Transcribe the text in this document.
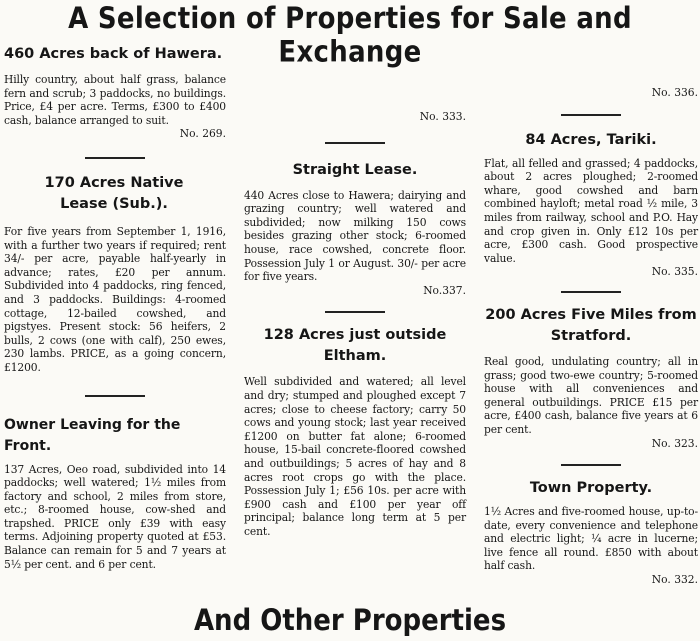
A Selection of Properties for Sale and Exchange
460 Acres back of Hawera.

Hilly country, about half grass, balance fern and scrub; 3 paddocks, no buildings. Price, £4 per acre. Terms, £300 to £400 cash, balance arranged to suit.

No. 269.

170 Acres Native Lease (Sub.).

For five years from September 1, 1916, with a further two years if required; rent 34/- per acre, payable half-yearly in advance; rates, £20 per annum. Subdivided into 4 paddocks, ring fenced, and 3 paddocks. Buildings: 4-roomed cottage, 12-bailed cowshed, and pigstyes. Present stock: 56 heifers, 2 bulls, 2 cows (one with calf), 250 ewes, 230 lambs. PRICE, as a going concern, £1200.

Owner Leaving for the Front.

137 Acres, Oeo road, subdivided into 14 paddocks; well watered; 1½ miles from factory and school, 2 miles from store, etc.; 8-roomed house, cow-shed and trapshed. PRICE only £39 with easy terms. Adjoining property quoted at £53. Balance can remain for 5 and 7 years at 5½ per cent. and 6 per cent.

No. 333.

Straight Lease.

440 Acres close to Hawera; dairying and grazing country; well watered and subdivided; now milking 150 cows besides grazing other stock; 6-roomed house, race cowshed, concrete floor. Possession July 1 or August. 30/- per acre for five years.

No.337.

128 Acres just outside Eltham.

Well subdivided and watered; all level and dry; stumped and ploughed except 7 acres; close to cheese factory; carry 50 cows and young stock; last year received £1200 on butter fat alone; 6-roomed house, 15-bail concrete-floored cowshed and outbuildings; 5 acres of hay and 8 acres root crops go with the place. Possession July 1; £56 10s. per acre with £900 cash and £100 per year off principal; balance long term at 5 per cent.

No. 336.

84 Acres, Tariki.

Flat, all felled and grassed; 4 paddocks, about 2 acres ploughed; 2-roomed whare, good cowshed and barn combined hayloft; metal road ½ mile, 3 miles from railway, school and P.O. Hay and crop given in. Only £12 10s per acre, £300 cash. Good prospective value.

No. 335.

200 Acres Five Miles from Stratford.

Real good, undulating country; all in grass; good two-ewe country; 5-roomed house with all conveniences and general outbuildings. PRICE £15 per acre, £400 cash, balance five years at 6 per cent.

No. 323.

Town Property.

1½ Acres and five-roomed house, up-to-date, every convenience and telephone and electric light; ¼ acre in lucerne; live fence all round. £850 with about half cash.

No. 332.

And Other Properties
